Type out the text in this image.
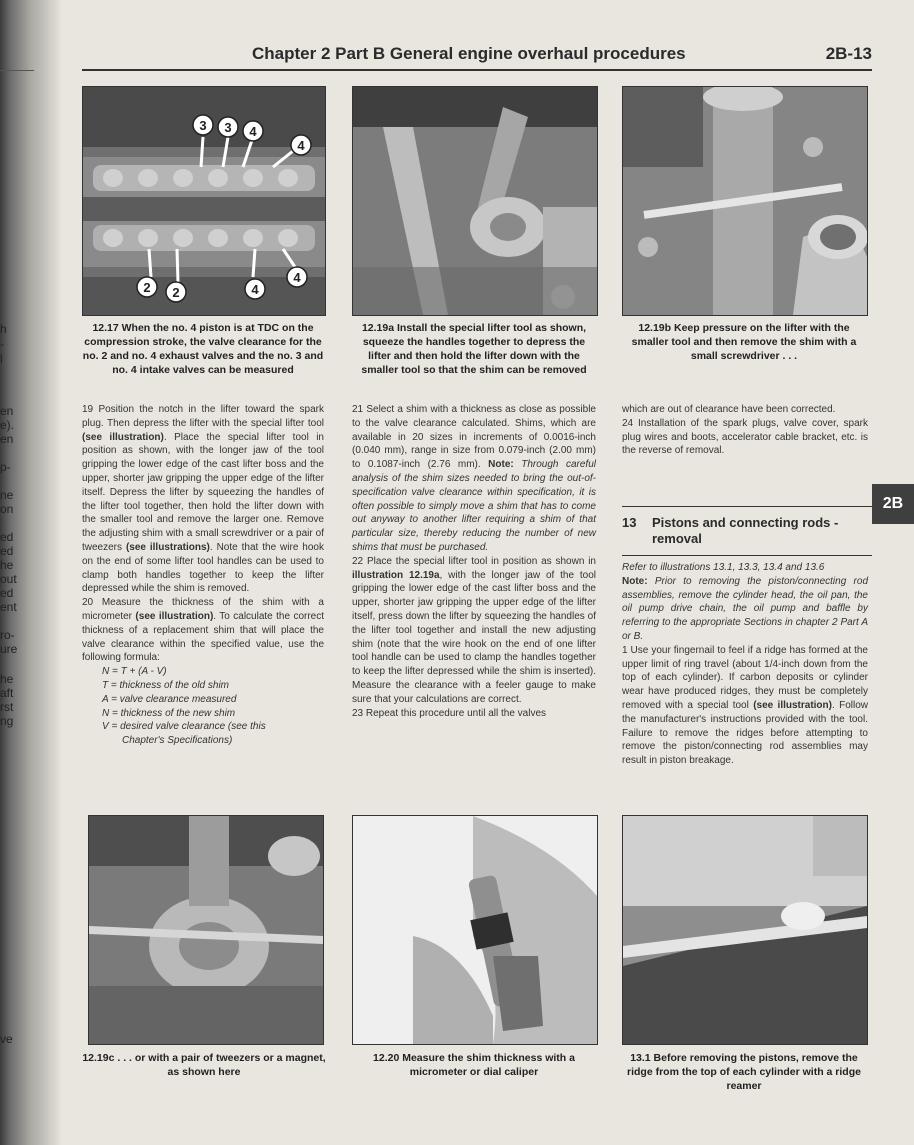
h
-
l
en
e).
en
p-
ne
on
ed
ed
he
out
ed
ent
ro-
ure
he
aft
rst
ng
ve
Chapter 2 Part B General engine overhaul procedures	2B-13
2B
3 3 4
4
2 2	4
4
12.17 When the no. 4 piston is at TDC on the compression stroke, the valve clearance for the no. 2 and no. 4 exhaust valves and the no. 3 and no. 4 intake valves can be measured
12.19a Install the special lifter tool as shown, squeeze the handles together to depress the lifter and then hold the lifter down with the smaller tool so that the shim can be removed
12.19b Keep pressure on the lifter with the smaller tool and then remove the shim with a small screwdriver . . .

19 Position the notch in the lifter toward the spark plug. Then depress the lifter with the special lifter tool (see illustration). Place the special lifter tool in position as shown, with the longer jaw of the tool gripping the lower edge of the cast lifter boss and the upper, shorter jaw gripping the upper edge of the lifter itself. Depress the lifter by squeezing the handles of the lifter tool together, then hold the lifter down with the smaller tool and remove the larger one. Remove the adjusting shim with a small screwdriver or a pair of tweezers (see illustrations). Note that the wire hook on the end of some lifter tool handles can be used to clamp both handles together to keep the lifter depressed while the shim is removed.

20 Measure the thickness of the shim with a micrometer (see illustration). To calculate the correct thickness of a replacement shim that will place the valve clearance within the specified value, use the following formula:

N = T + (A - V)
T = thickness of the old shim
A = valve clearance measured
N = thickness of the new shim
V = desired valve clearance (see this
Chapter's Specifications)

21 Select a shim with a thickness as close as possible to the valve clearance calculated. Shims, which are available in 20 sizes in increments of 0.0016-inch (0.040 mm), range in size from 0.079-inch (2.00 mm) to 0.1087-inch (2.76 mm). Note: Through careful analysis of the shim sizes needed to bring the out-of-specification valve clearance within specification, it is often possible to simply move a shim that has to come out anyway to another lifter requiring a shim of that particular size, thereby reducing the number of new shims that must be purchased.

22 Place the special lifter tool in position as shown in illustration 12.19a, with the longer jaw of the tool gripping the lower edge of the cast lifter boss and the upper, shorter jaw gripping the upper edge of the lifter itself, press down the lifter by squeezing the handles of the lifter tool together and install the new adjusting shim (note that the wire hook on the end of one lifter tool handle can be used to clamp the handles together to keep the lifter depressed while the shim is inserted). Measure the clearance with a feeler gauge to make sure that your calculations are correct.

23 Repeat this procedure until all the valves

which are out of clearance have been corrected.

24 Installation of the spark plugs, valve cover, spark plug wires and boots, accelerator cable bracket, etc. is the reverse of removal.

13 Pistons and connecting rods -
removal

Refer to illustrations 13.1, 13.3, 13.4 and 13.6

Note: Prior to removing the piston/connecting rod assemblies, remove the cylinder head, the oil pan, the oil pump drive chain, the oil pump and baffle by referring to the appropriate Sections in chapter 2 Part A or B.

1 Use your fingernail to feel if a ridge has formed at the upper limit of ring travel (about 1/4-inch down from the top of each cylinder). If carbon deposits or cylinder wear have produced ridges, they must be completely removed with a special tool (see illustration). Follow the manufacturer's instructions provided with the tool. Failure to remove the ridges before attempting to remove the piston/connecting rod assemblies may result in piston breakage.

12.19c . . . or with a pair of tweezers or a magnet, as shown here
12.20 Measure the shim thickness with a micrometer or dial caliper
13.1 Before removing the pistons, remove the ridge from the top of each cylinder with a ridge reamer
